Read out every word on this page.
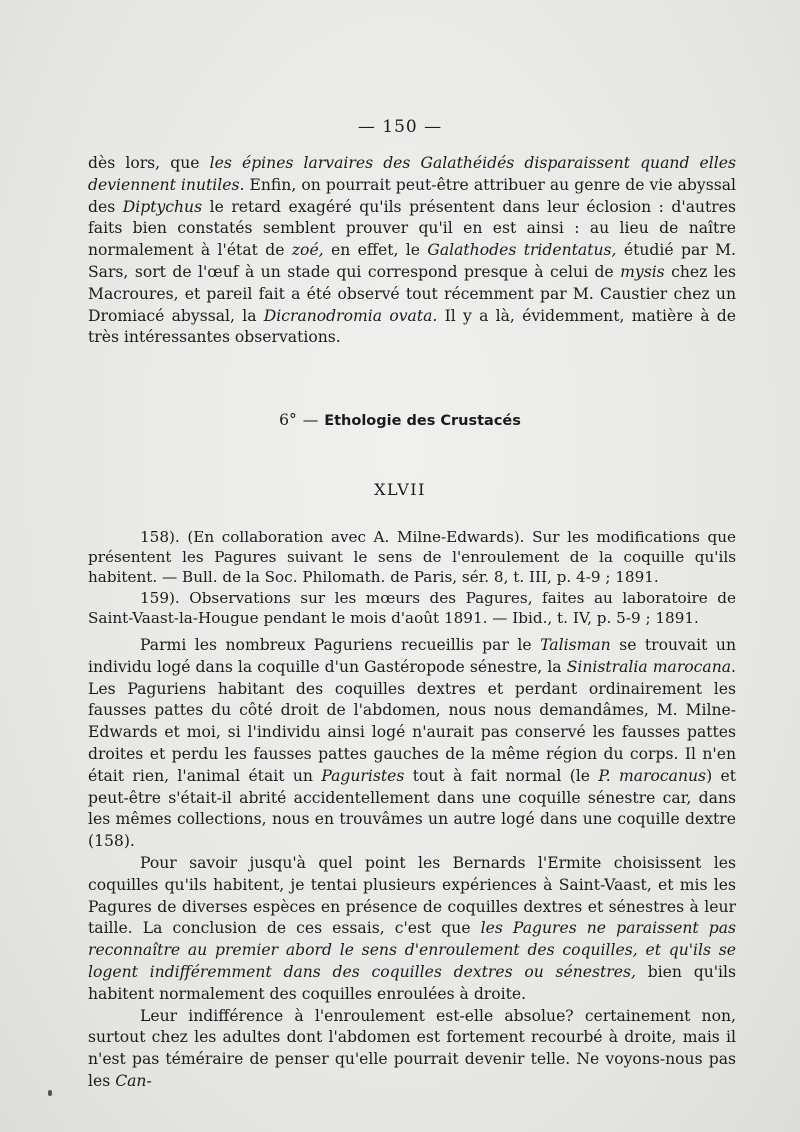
— 150 —

dès lors, que les épines larvaires des Galathéidés disparaissent quand elles deviennent inutiles. Enfin, on pourrait peut-être attribuer au genre de vie abyssal des Diptychus le retard exagéré qu'ils présentent dans leur éclosion : d'autres faits bien constatés semblent prouver qu'il en est ainsi : au lieu de naître normalement à l'état de zoé, en effet, le Galathodes tridentatus, étudié par M. Sars, sort de l'œuf à un stade qui correspond presque à celui de mysis chez les Macroures, et pareil fait a été observé tout récemment par M. Caustier chez un Dromiacé abyssal, la Dicranodromia ovata. Il y a là, évidemment, matière à de très intéressantes observations.

6° — Ethologie des Crustacés
XLVII

158). (En collaboration avec A. Milne-Edwards). Sur les modifications que présentent les Pagures suivant le sens de l'enroulement de la coquille qu'ils habitent. — Bull. de la Soc. Philomath. de Paris, sér. 8, t. III, p. 4-9 ; 1891.

159). Observations sur les mœurs des Pagures, faites au laboratoire de Saint-Vaast-la-Hougue pendant le mois d'août 1891. — Ibid., t. IV, p. 5-9 ; 1891.

Parmi les nombreux Paguriens recueillis par le Talisman se trouvait un individu logé dans la coquille d'un Gastéropode sénestre, la Sinistralia marocana. Les Paguriens habitant des coquilles dextres et perdant ordinairement les fausses pattes du côté droit de l'abdomen, nous nous demandâmes, M. Milne-Edwards et moi, si l'individu ainsi logé n'aurait pas conservé les fausses pattes droites et perdu les fausses pattes gauches de la même région du corps. Il n'en était rien, l'animal était un Paguristes tout à fait normal (le P. marocanus) et peut-être s'était-il abrité accidentellement dans une coquille sénestre car, dans les mêmes collections, nous en trouvâmes un autre logé dans une coquille dextre (158).

Pour savoir jusqu'à quel point les Bernards l'Ermite choisissent les coquilles qu'ils habitent, je tentai plusieurs expériences à Saint-Vaast, et mis les Pagures de diverses espèces en présence de coquilles dextres et sénestres à leur taille. La conclusion de ces essais, c'est que les Pagures ne paraissent pas reconnaître au premier abord le sens d'enroulement des coquilles, et qu'ils se logent indifféremment dans des coquilles dextres ou sénestres, bien qu'ils habitent normalement des coquilles enroulées à droite.

Leur indifférence à l'enroulement est-elle absolue? certainement non, surtout chez les adultes dont l'abdomen est fortement recourbé à droite, mais il n'est pas téméraire de penser qu'elle pourrait devenir telle. Ne voyons-nous pas les Can-
